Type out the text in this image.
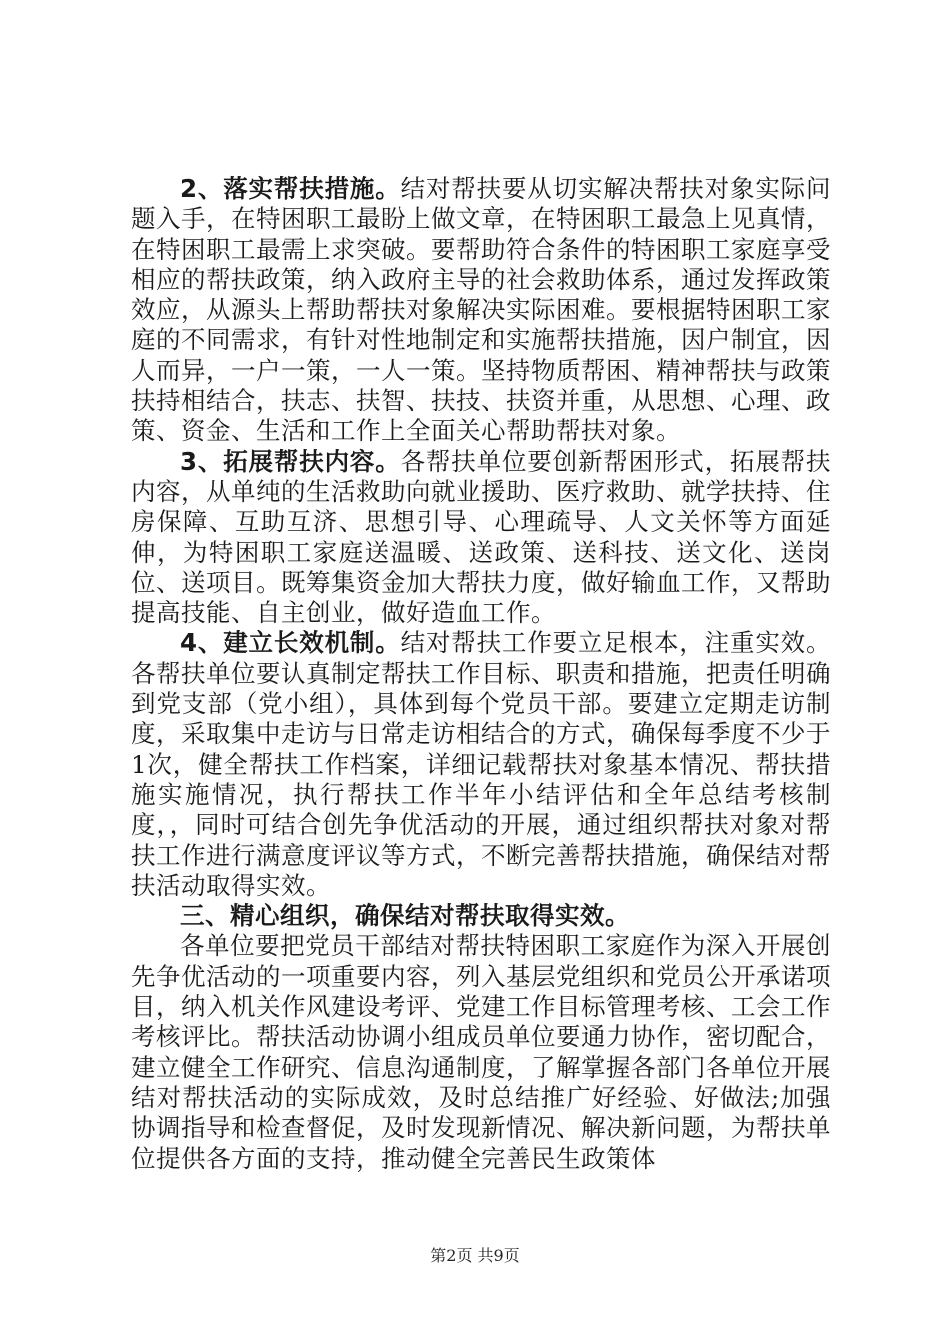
2、落实帮扶措施。结对帮扶要从切实解决帮扶对象实际问题入手，在特困职工最盼上做文章，在特困职工最急上见真情，在特困职工最需上求突破。要帮助符合条件的特困职工家庭享受相应的帮扶政策，纳入政府主导的社会救助体系，通过发挥政策效应，从源头上帮助帮扶对象解决实际困难。要根据特困职工家庭的不同需求，有针对性地制定和实施帮扶措施，因户制宜，因人而异，一户一策，一人一策。坚持物质帮困、精神帮扶与政策扶持相结合，扶志、扶智、扶技、扶资并重，从思想、心理、政策、资金、生活和工作上全面关心帮助帮扶对象。

3、拓展帮扶内容。各帮扶单位要创新帮困形式，拓展帮扶内容，从单纯的生活救助向就业援助、医疗救助、就学扶持、住房保障、互助互济、思想引导、心理疏导、人文关怀等方面延伸，为特困职工家庭送温暖、送政策、送科技、送文化、送岗位、送项目。既筹集资金加大帮扶力度，做好输血工作，又帮助提高技能、自主创业，做好造血工作。

4、建立长效机制。结对帮扶工作要立足根本，注重实效。各帮扶单位要认真制定帮扶工作目标、职责和措施，把责任明确到党支部（党小组），具体到每个党员干部。要建立定期走访制度，采取集中走访与日常走访相结合的方式，确保每季度不少于1次，健全帮扶工作档案，详细记载帮扶对象基本情况、帮扶措施实施情况，执行帮扶工作半年小结评估和全年总结考核制度，，同时可结合创先争优活动的开展，通过组织帮扶对象对帮扶工作进行满意度评议等方式，不断完善帮扶措施，确保结对帮扶活动取得实效。

三、精心组织，确保结对帮扶取得实效。

各单位要把党员干部结对帮扶特困职工家庭作为深入开展创先争优活动的一项重要内容，列入基层党组织和党员公开承诺项目，纳入机关作风建设考评、党建工作目标管理考核、工会工作考核评比。帮扶活动协调小组成员单位要通力协作，密切配合，建立健全工作研究、信息沟通制度，了解掌握各部门各单位开展结对帮扶活动的实际成效，及时总结推广好经验、好做法;加强协调指导和检查督促，及时发现新情况、解决新问题，为帮扶单位提供各方面的支持，推动健全完善民生政策体

第2页 共9页
